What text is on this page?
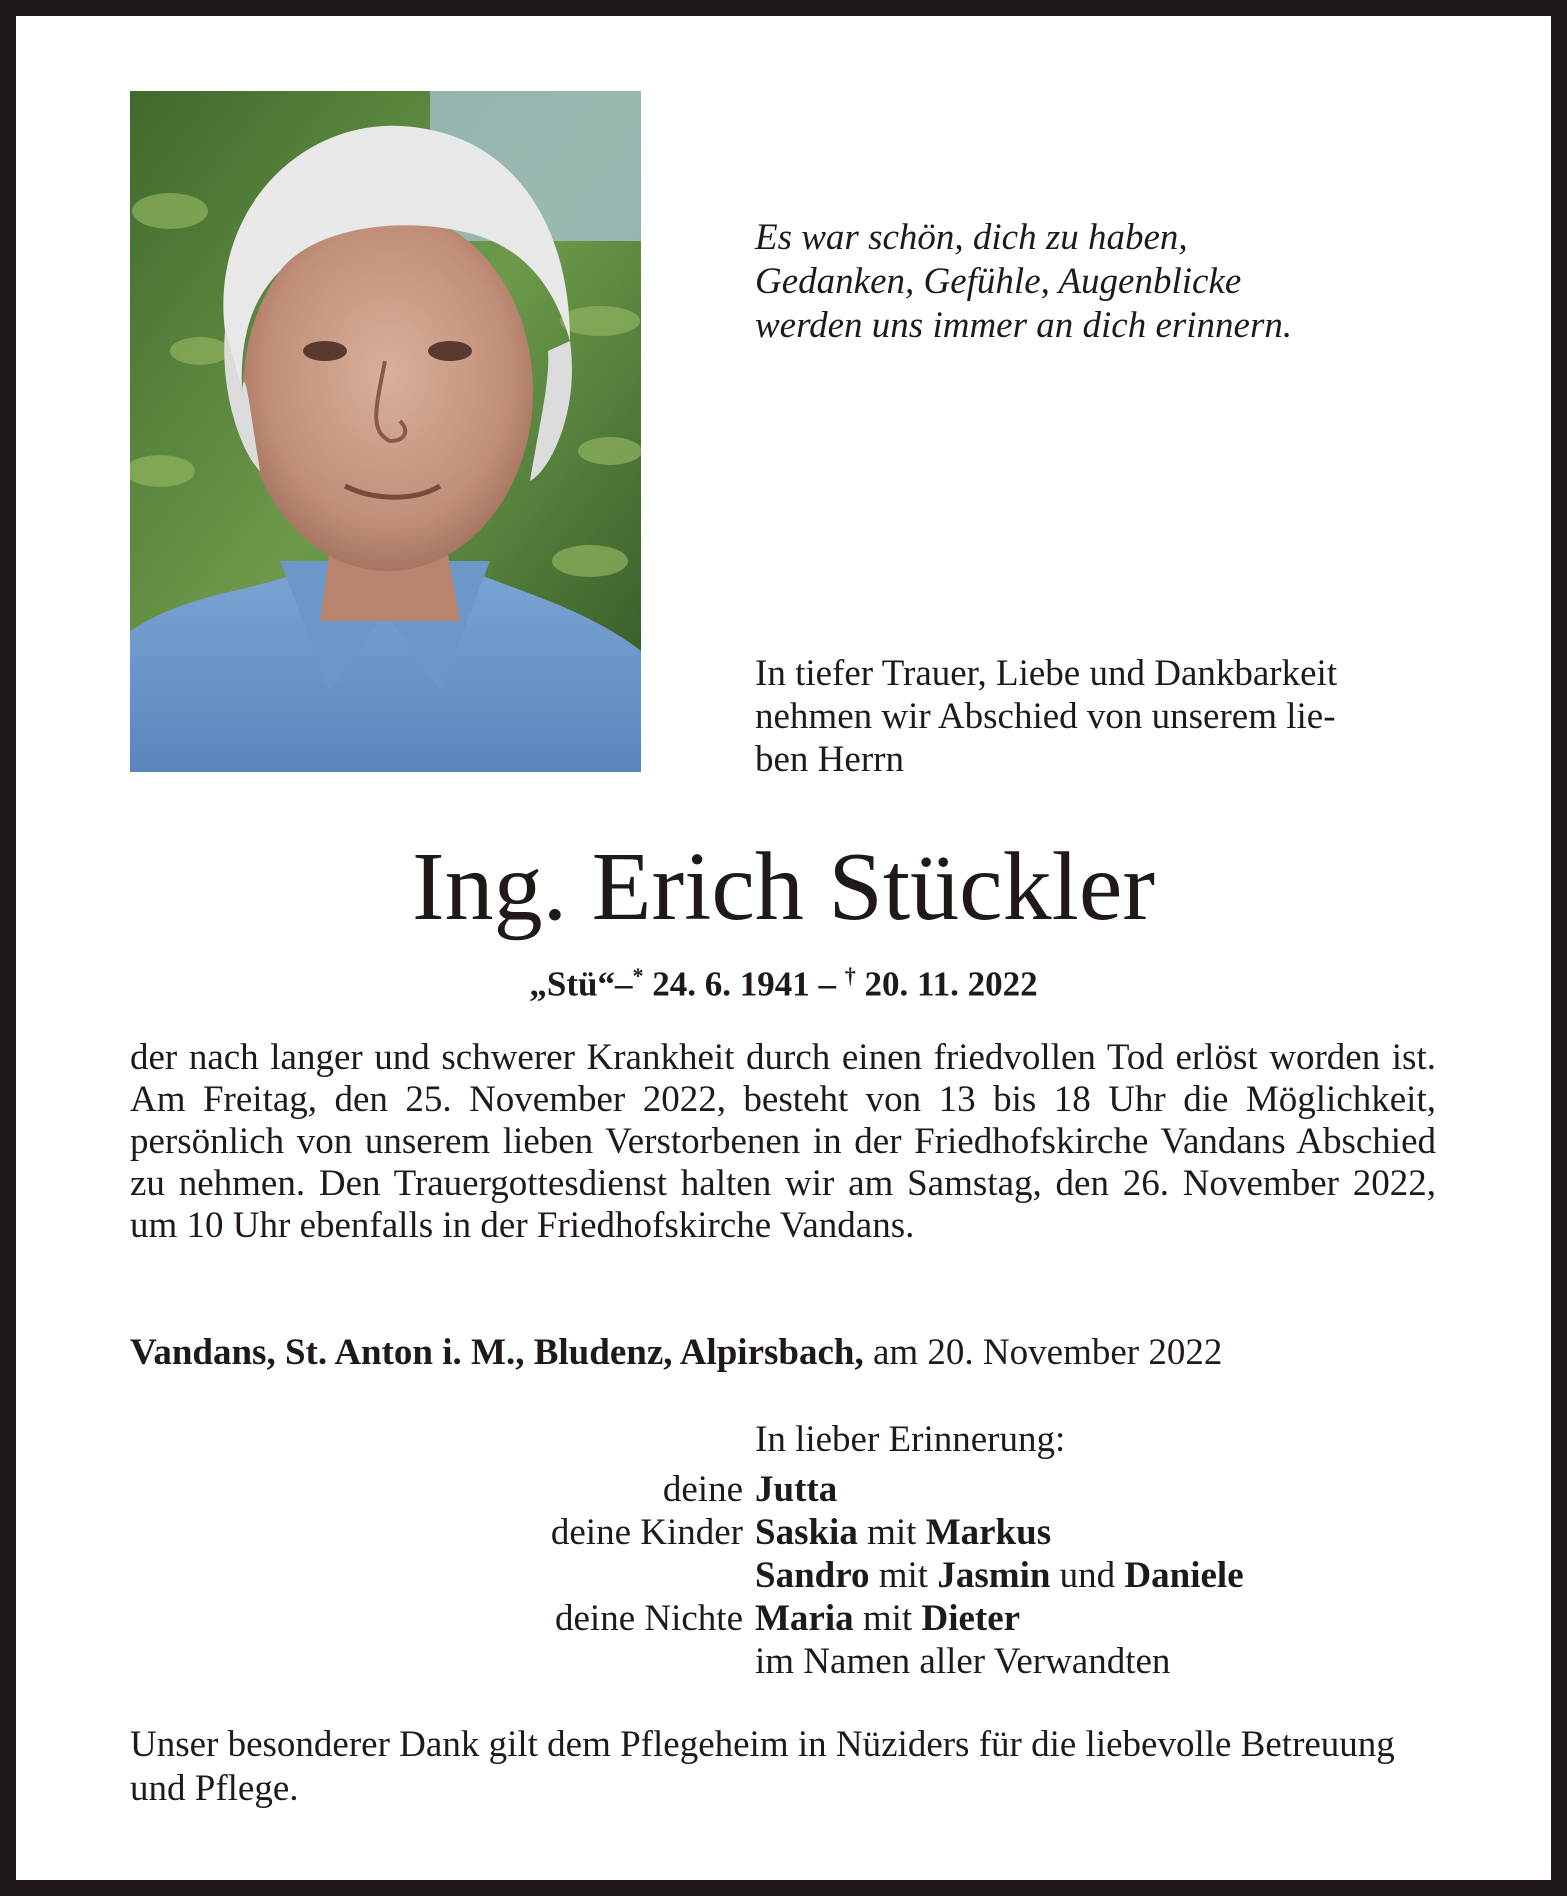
Es war schön, dich zu haben,
Gedanken, Gefühle, Augenblicke
werden uns immer an dich erinnern.
In tiefer Trauer, Liebe und Dankbarkeit
nehmen wir Abschied von unserem lie-
ben Herrn
Ing. Erich Stückler
„Stü“–* 24. 6. 1941 – † 20. 11. 2022

der nach langer und schwerer Krankheit durch einen friedvollen Tod erlöst worden ist. Am Freitag, den 25. November 2022, besteht von 13 bis 18 Uhr die Möglichkeit, persönlich von unserem lieben Verstorbenen in der Friedhofskirche Vandans Abschied zu nehmen. Den Trauergottesdienst halten wir am Samstag, den 26. November 2022, um 10 Uhr ebenfalls in der Friedhofskirche Vandans.

Vandans, St. Anton i. M., Bludenz, Alpirsbach, am 20. November 2022
In lieber Erinnerung:
deine	Jutta
deine Kinder	Saskia mit Markus
	Sandro mit Jasmin und Daniele
deine Nichte	Maria mit Dieter
	im Namen aller Verwandten

Unser besonderer Dank gilt dem Pflegeheim in Nüziders für die liebevolle Betreuung und Pflege.
